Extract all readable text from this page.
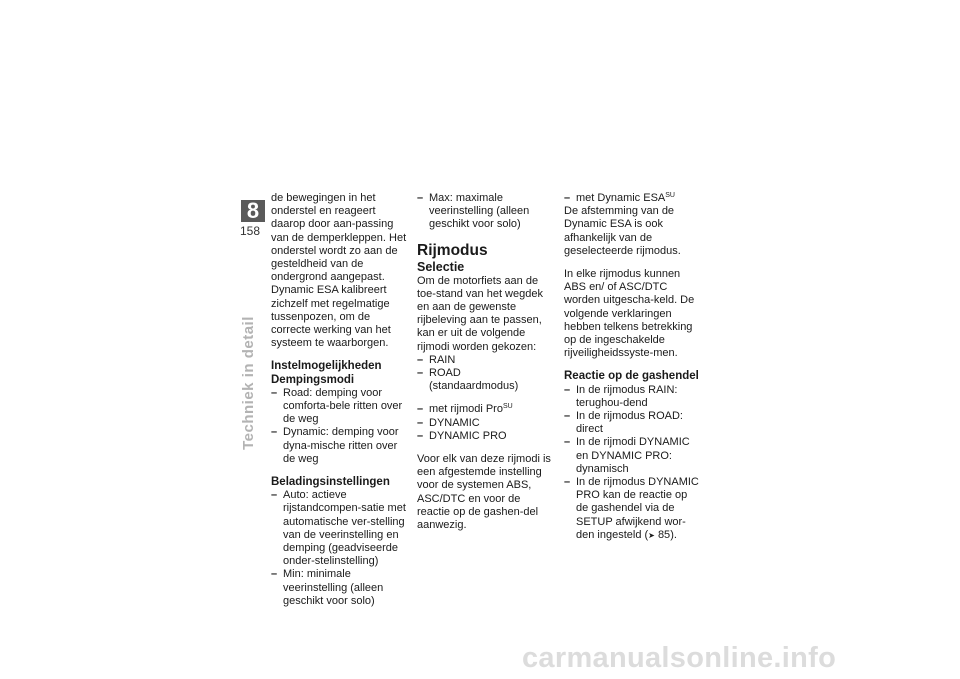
8
158
Techniek in detail

de bewegingen in het onderstel en reageert daarop door aan-passing van de demperkleppen. Het onderstel wordt zo aan de gesteldheid van de ondergrond aangepast.

Dynamic ESA kalibreert zichzelf met regelmatige tussenpozen, om de correcte werking van het systeem te waarborgen.

Instelmogelijkheden

Dempingsmodi

– Road: demping voor comforta-bele ritten over de weg
– Dynamic: demping voor dyna-mische ritten over de weg

Beladingsinstellingen

– Auto: actieve rijstandcompen-satie met automatische ver-stelling van de veerinstelling en demping (geadviseerde onder-stelinstelling)
– Min: minimale veerinstelling (alleen geschikt voor solo)
– Max: maximale veerinstelling (alleen geschikt voor solo)

Rijmodus

Selectie

Om de motorfiets aan de toe-stand van het wegdek en aan de gewenste rijbeleving aan te passen, kan er uit de volgende rijmodi worden gekozen:

– RAIN
– ROAD (standaardmodus)
– met rijmodi Pro$^{SU}$
– DYNAMIC
– DYNAMIC PRO

Voor elk van deze rijmodi is een afgestemde instelling voor de systemen ABS, ASC/DTC en voor de reactie op de gashen-del aanwezig.

– met Dynamic $ESA^{SU}$

De afstemming van de Dynamic ESA is ook afhankelijk van de geselecteerde rijmodus.

In elke rijmodus kunnen ABS en/ of ASC/DTC worden uitgescha-keld. De volgende verklaringen hebben telkens betrekking op de ingeschakelde rijveiligheidssyste-men.

Reactie op de gashendel

– In de rijmodus RAIN: terughou-dend
– In de rijmodus ROAD: direct
– In de rijmodi DYNAMIC en DYNAMIC PRO: dynamisch
– In de rijmodus DYNAMIC PRO kan de reactie op de gashendel via de SETUP afwijkend wor-den ingesteld (➤ 85).
carmanualsonline.info
